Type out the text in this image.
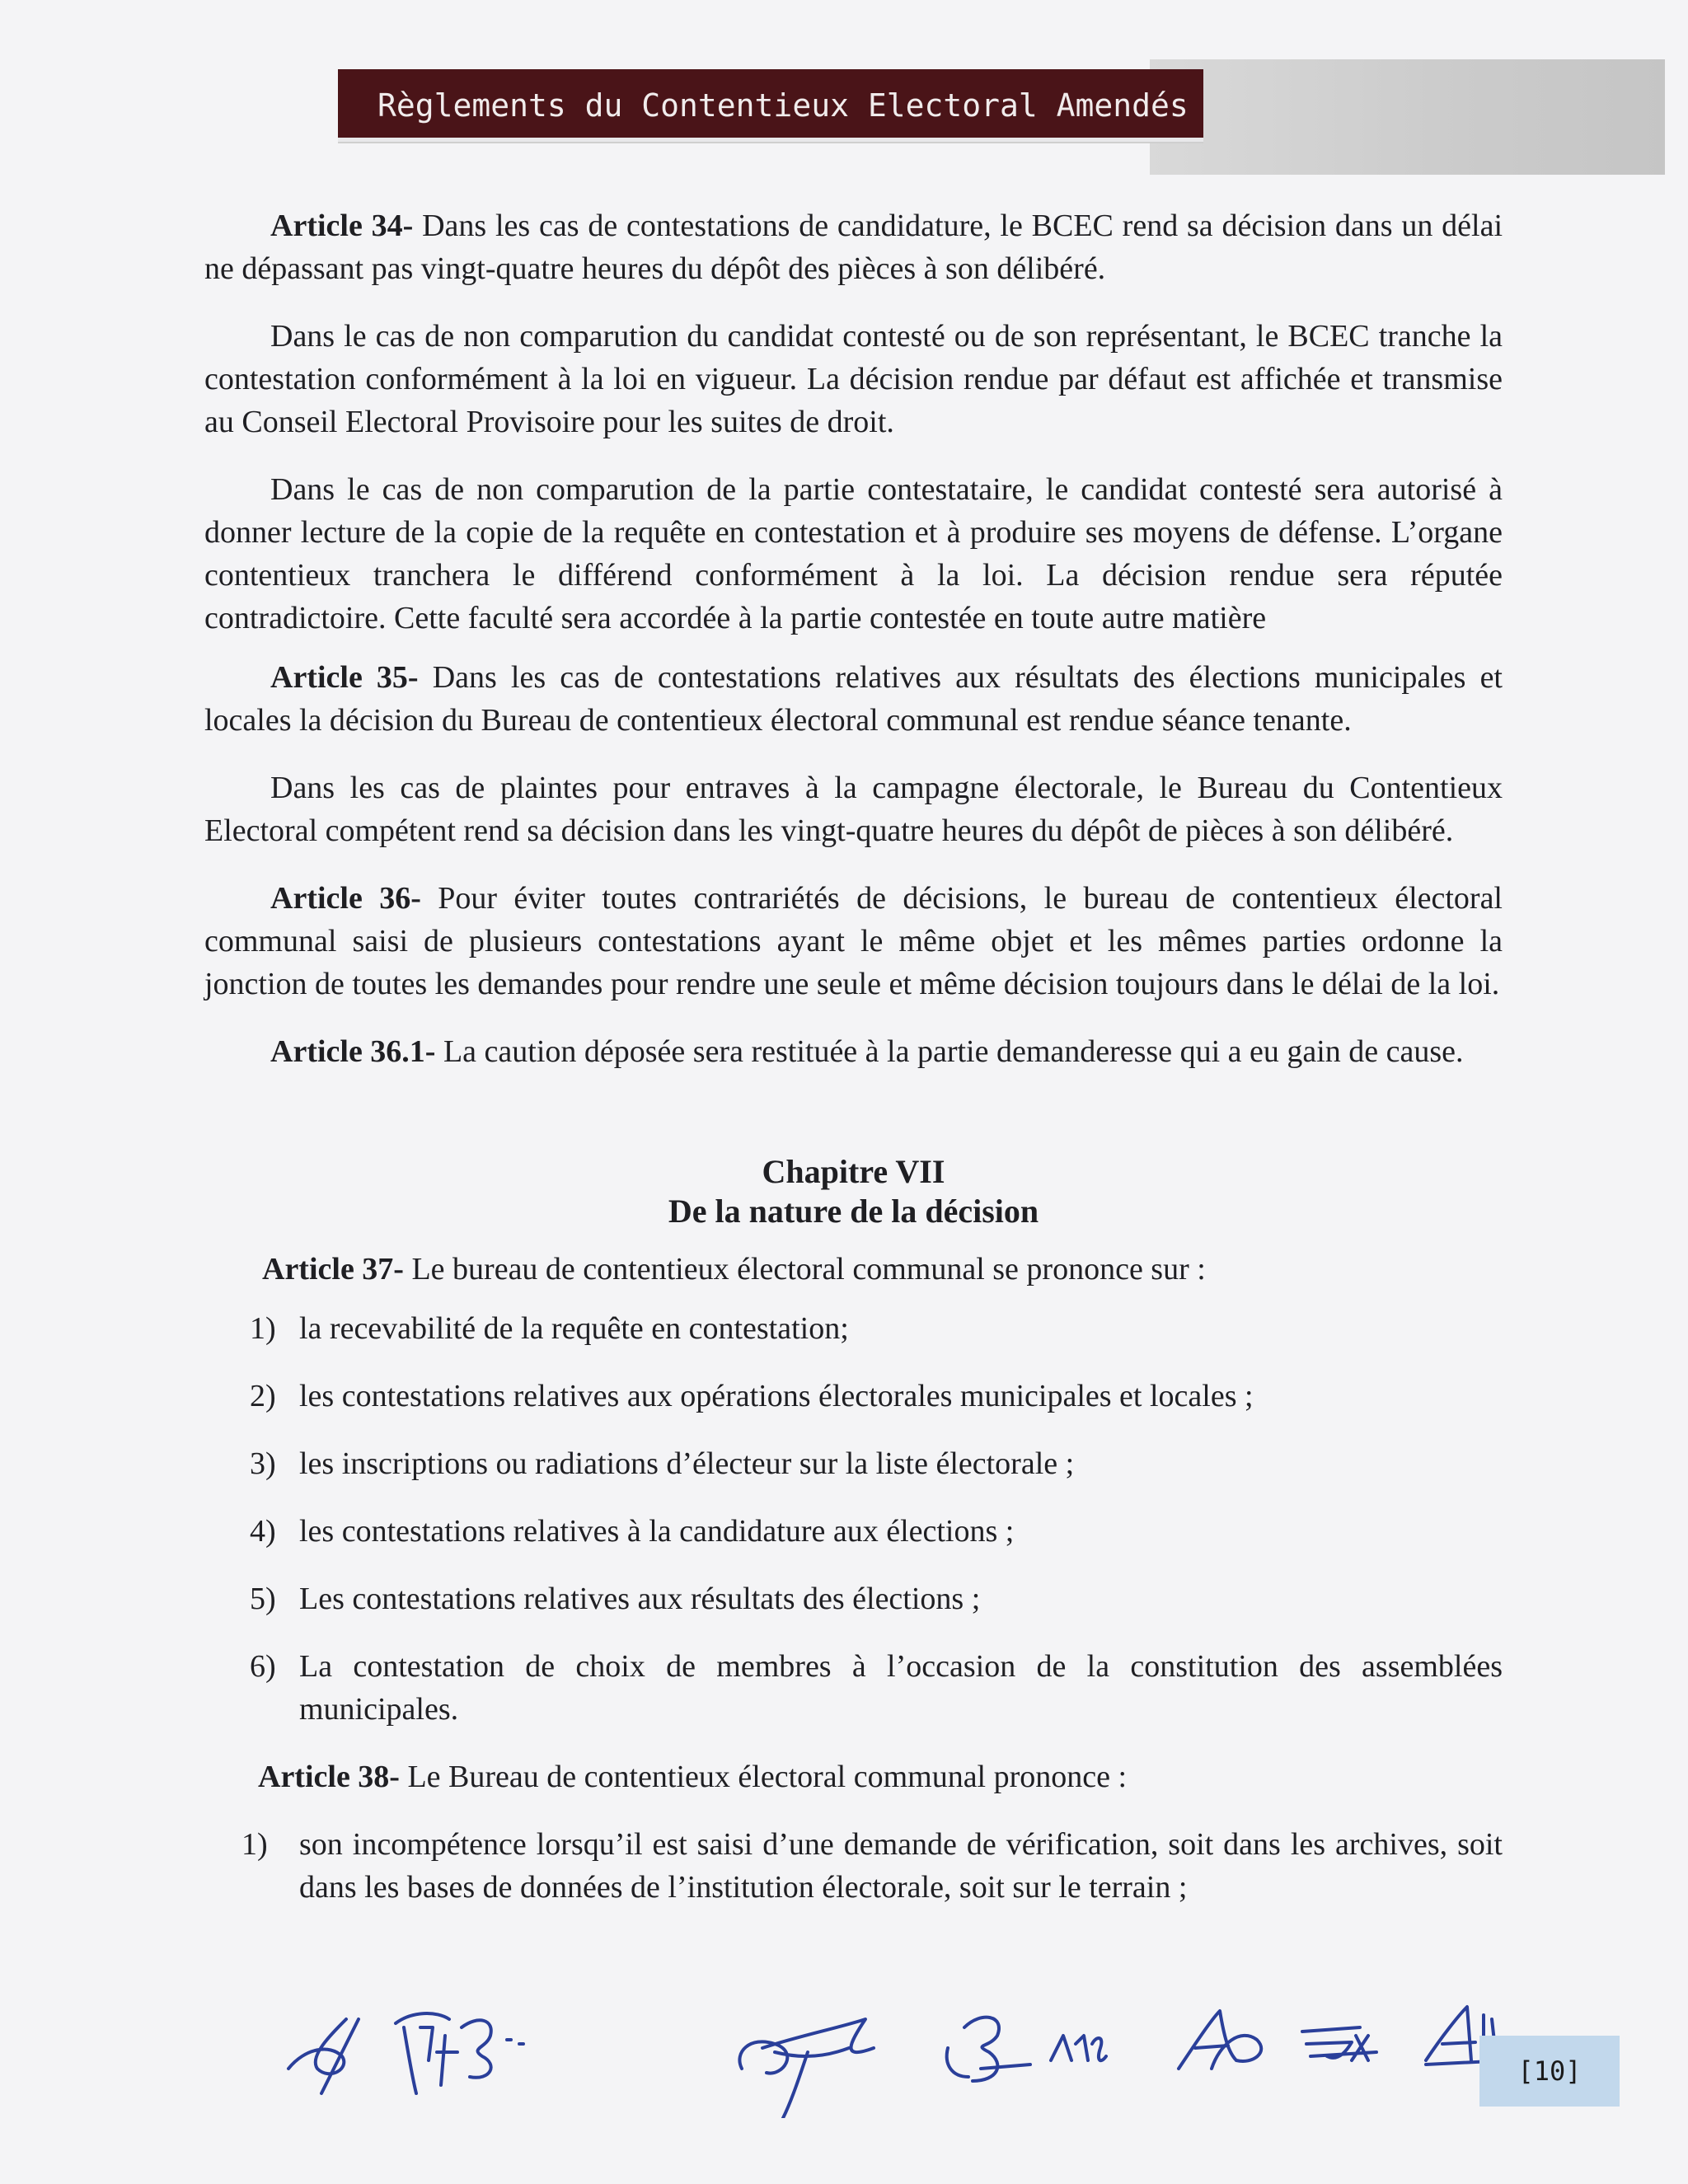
Règlements du Contentieux Electoral Amendés

Article 34- Dans les cas de contestations de candidature, le BCEC rend sa décision dans un délai ne dépassant pas vingt-quatre heures du dépôt des pièces à son délibéré.

Dans le cas de non comparution du candidat contesté ou de son représentant, le BCEC tranche la contestation conformément à la loi en vigueur. La décision rendue par défaut est affichée et transmise au Conseil Electoral Provisoire pour les suites de droit.

Dans le cas de non comparution de la partie contestataire, le candidat contesté sera autorisé à donner lecture de la copie de la requête en contestation et à produire ses moyens de défense. L’organe contentieux tranchera le différend conformément à la loi. La décision rendue sera réputée contradictoire. Cette faculté sera accordée à la partie contestée en toute autre matière

Article 35- Dans les cas de contestations relatives aux résultats des élections municipales et locales la décision du Bureau de contentieux électoral communal est rendue séance tenante.

Dans les cas de plaintes pour entraves à la campagne électorale, le Bureau du Contentieux Electoral compétent rend sa décision dans les vingt-quatre heures du dépôt de pièces à son délibéré.

Article 36- Pour éviter toutes contrariétés de décisions, le bureau de contentieux électoral communal saisi de plusieurs contestations ayant le même objet et les mêmes parties ordonne la jonction de toutes les demandes pour rendre une seule et même décision toujours dans le délai de la loi.

Article 36.1- La caution déposée sera restituée à la partie demanderesse qui a eu gain de cause.

Chapitre VII
De la nature de la décision

Article 37- Le bureau de contentieux électoral communal se prononce sur :

1) la recevabilité de la requête en contestation;
2) les contestations relatives aux opérations électorales municipales et locales ;
3) les inscriptions ou radiations d’électeur sur la liste électorale ;
4) les contestations relatives à la candidature aux élections ;
5) Les contestations relatives aux résultats des élections ;
6) La contestation de choix de membres à l’occasion de la constitution des assemblées municipales.

Article 38- Le Bureau de contentieux électoral communal prononce :

1) son incompétence lorsqu’il est saisi d’une demande de vérification, soit dans les archives, soit dans les bases de données de l’institution électorale, soit sur le terrain ;
[10]
